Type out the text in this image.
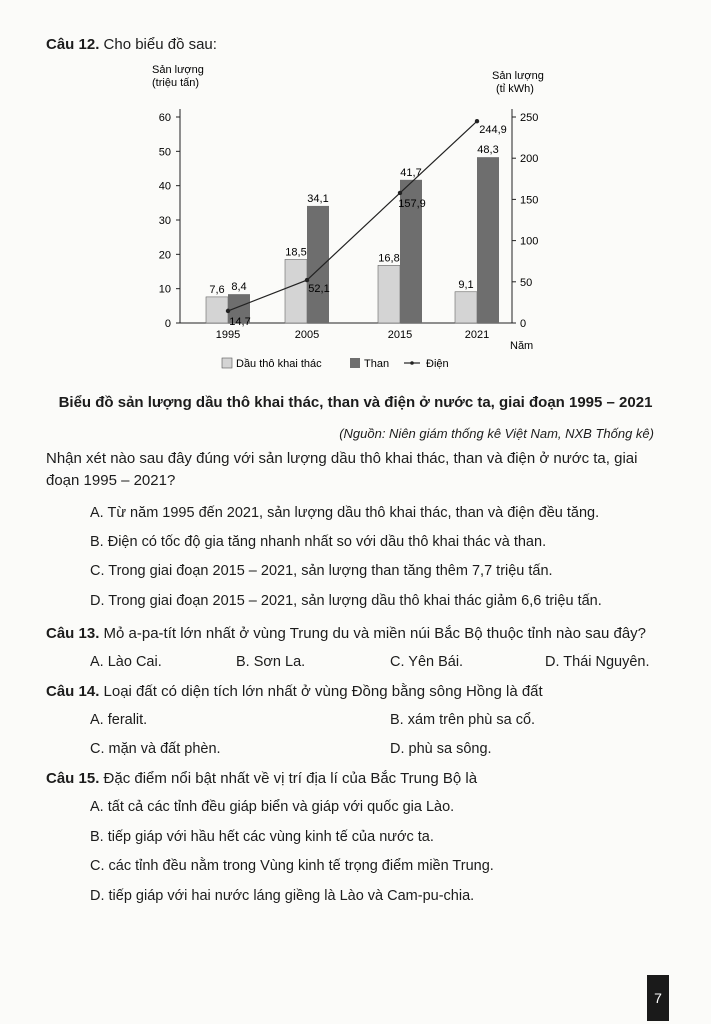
Câu 12. Cho biểu đồ sau:
Sản lượng
(triệu tấn)
Sản lượng
(tỉ kWh)
Năm
0
10
20
30
40
50
60
0
50
100
150
200
250
1995
7,6 8,4
2005
18,5
34,1
2015
16,8
41,7
2021
9,1
48,3
14,7
52,1
157,9
244,9
Dầu thô khai thác	Than	Điện
Biểu đồ sản lượng dầu thô khai thác, than và điện ở nước ta, giai đoạn 1995 – 2021
(Nguồn: Niên giám thống kê Việt Nam, NXB Thống kê)
Nhận xét nào sau đây đúng với sản lượng dầu thô khai thác, than và điện ở nước ta, giai đoạn 1995 – 2021?
A. Từ năm 1995 đến 2021, sản lượng dầu thô khai thác, than và điện đều tăng.
B. Điện có tốc độ gia tăng nhanh nhất so với dầu thô khai thác và than.
C. Trong giai đoạn 2015 – 2021, sản lượng than tăng thêm 7,7 triệu tấn.
D. Trong giai đoạn 2015 – 2021, sản lượng dầu thô khai thác giảm 6,6 triệu tấn.
Câu 13. Mỏ a-pa-tít lớn nhất ở vùng Trung du và miền núi Bắc Bộ thuộc tỉnh nào sau đây?
A. Lào Cai.	B. Sơn La.	C. Yên Bái.	D. Thái Nguyên.
Câu 14. Loại đất có diện tích lớn nhất ở vùng Đồng bằng sông Hồng là đất
A. feralit.	B. xám trên phù sa cổ.
C. mặn và đất phèn.	D. phù sa sông.
Câu 15. Đặc điểm nổi bật nhất về vị trí địa lí của Bắc Trung Bộ là
A. tất cả các tỉnh đều giáp biển và giáp với quốc gia Lào.
B. tiếp giáp với hầu hết các vùng kinh tế của nước ta.
C. các tỉnh đều nằm trong Vùng kinh tế trọng điểm miền Trung.
D. tiếp giáp với hai nước láng giềng là Lào và Cam-pu-chia.
7
